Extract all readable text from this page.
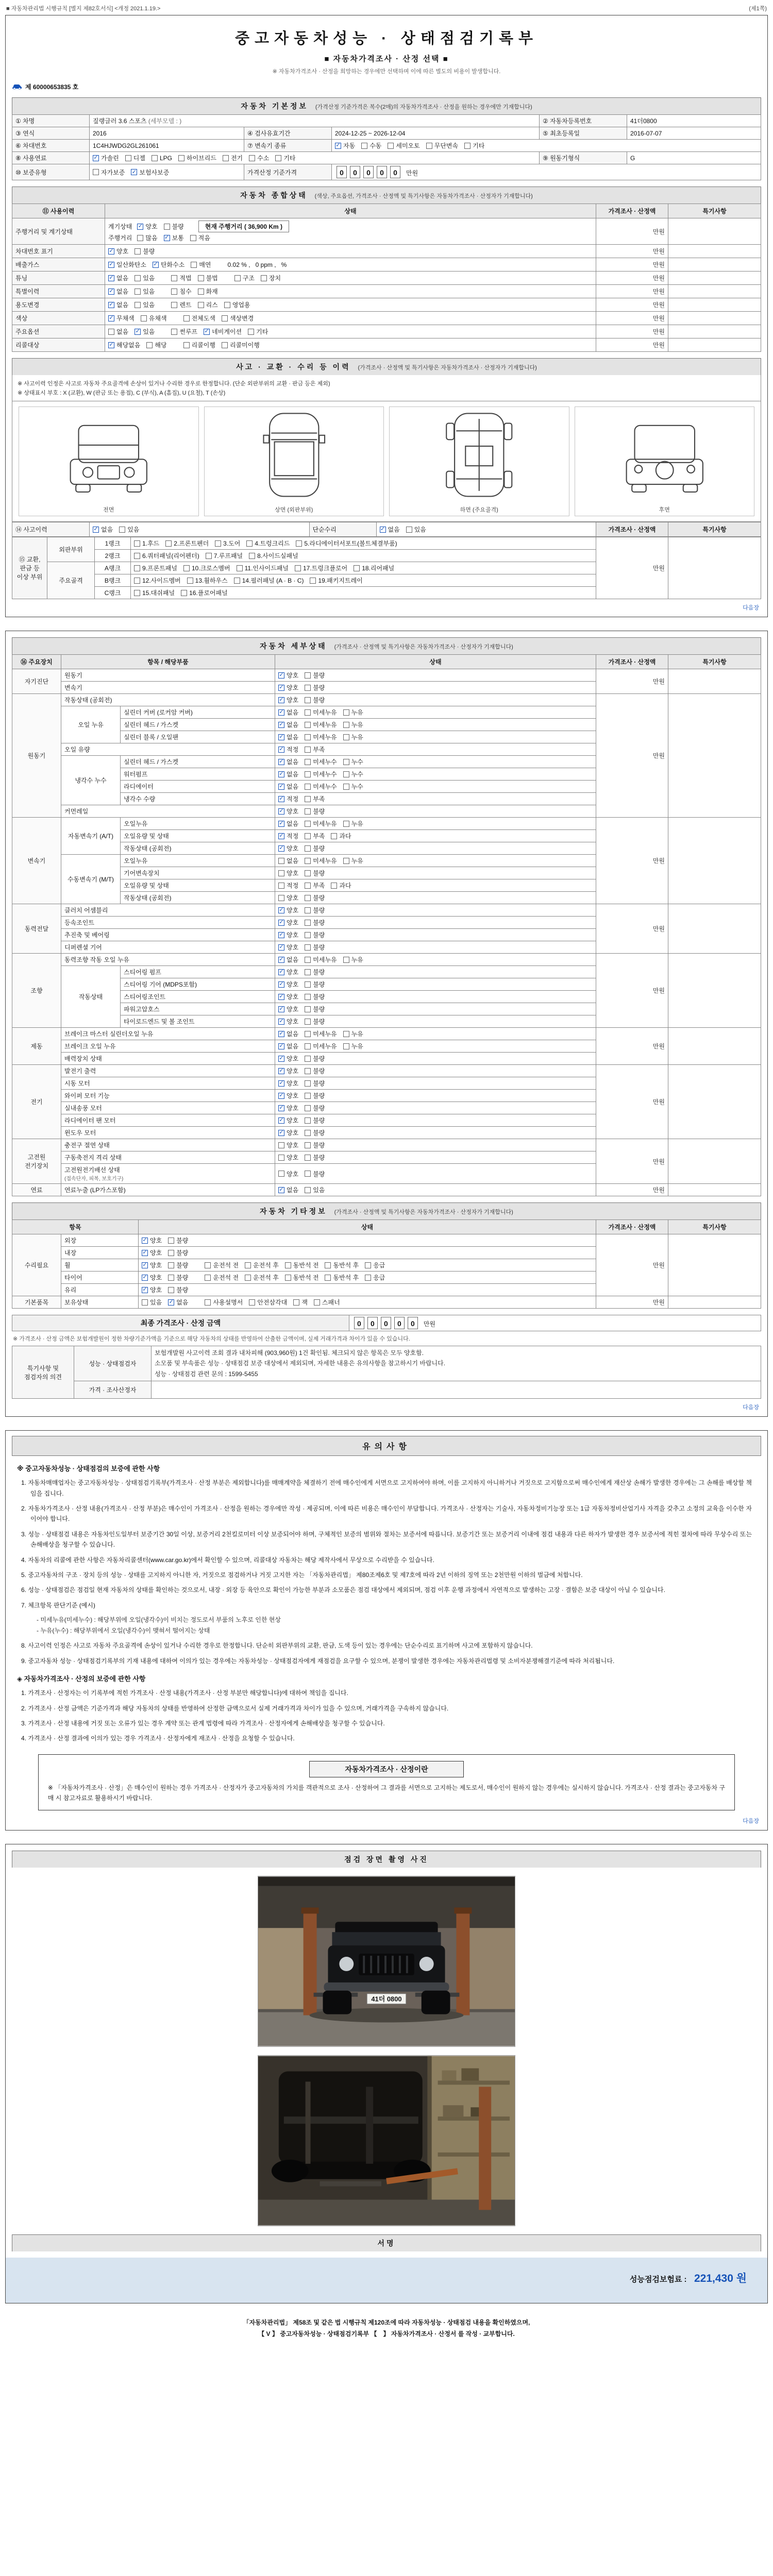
■ 자동차관리법 시행규칙 [별지 제82호서식] <개정 2021.1.19.>	(제1쪽)
중고자동차성능 · 상태점검기록부
■ 자동차가격조사 · 산정 선택 ■
※ 자동차가격조사 · 산정을 희망하는 경우에만 선택하며 이에 따른 별도의 비용이 발생합니다.
제 60000653835 호
자동차 기본정보 (가격산정 기준가격은 복수(2매)의 자동차가격조사 · 산정을 원하는 경우에만 기재합니다)
① 차명	짚랭글러 3.6 스포츠 (세부모델 : )			② 자동차등록번호	41더0800
③ 연식	2016	④ 검사유효기간	2024-12-25 ~ 2026-12-04	⑤ 최초등록일	2016-07-07
⑥ 차대번호	1C4HJWDG2GL261061	⑦ 변속기 종류	✓ 자동 수동 세미오토 무단변속 기타

⑧ 사용연료	✓ 가솔린 디젤 LPG 하이브리드 전기 수소 기타	⑨ 원동기형식	G
⑩ 보증유형	자가보증 ✓ 보험사보증	가격산정 기준가격	0 0 0 0 0 만원		
자동차 종합상태 (색상, 주요옵션, 가격조사 · 산정액 및 특기사항은 자동차가격조사 · 산정자가 기재합니다)
⑪ 사용이력	상태	가격조사 · 산정액	특기사항
주행거리 및 계기상태	
계기상태 ✓ 양호 불량	현재 주행거리 ( 36,900 Km )
주행거리 많음 ✓ 보통 적음
	만원	
차대번호 표기	✓ 양호 불량	만원	
배출가스	✓ 일산화탄소 ✓ 탄화수소 매연	0.02 % , 0 ppm , %	만원	
튜닝	✓ 없음 있음	적법 불법	구조 장치	만원	
특별이력	✓ 없음 있음	침수 화재	만원	
용도변경	✓ 없음 있음	렌트 리스 영업용	만원	
색상	✓ 무채색 유채색	전체도색 색상변경	만원	
주요옵션	없음 ✓ 있음	썬루프 ✓ 네비게이션 기타	만원	
리콜대상	✓ 해당없음 해당	리콜이행 리콜미이행	만원	
사고 · 교환 · 수리 등 이력 (가격조사 · 산정액 및 특기사항은 자동차가격조사 · 산정자가 기재합니다)
※ 사고이력 인정은 사고로 자동차 주요골격에 손상이 있거나 수리한 경우로 한정합니다. (단순 외판부위의 교환 · 판금 등은 제외)
※ 상태표시 부호 : X (교환), W (판금 또는 용접), C (부식), A (흠집), U (요철), T (손상)
전면	상면 (외판부위)	하면 (주요골격)	후면
⑭ 사고이력	✓ 없음 있음	단순수리	✓ 없음 있음	가격조사 · 산정액	특기사항
⑮ 교환, 판금 등 이상 부위	외판부위	1랭크	1.후드 2.프론트펜더 3.도어 4.트렁크리드 5.라디에이터서포트(볼트체결부품)
	만원	
2랭크	6.쿼터패널(리어펜더) 7.루프패널 8.사이드실패널

주요골격	A랭크	9.프론트패널 10.크로스멤버 11.인사이드패널 17.트렁크플로어 18.리어패널

B랭크	12.사이드멤버 13.휠하우스 14.필러패널 (A · B · C) 19.패키지트레이

		C랭크	15.대쉬패널 16.플로어패널		
다음장
자동차 세부상태 (가격조사 · 산정액 및 특기사항은 자동차가격조사 · 산정자가 기재합니다)
⑯ 주요장치	항목 / 해당부품		상태	가격조사 · 산정액	특기사항
자기진단	원동기		✓ 양호 불량	만원	
	변속기		✓ 양호 불량		

원동기	작동상태 (공회전)		✓ 양호 불량	만원	
오일 누유	실린더 커버 (로커암 커버)	✓ 없음 미세누유 누유

실린더 헤드 / 가스켓	✓ 없음 미세누유 누유

실린더 블록 / 오일팬	✓ 없음 미세누유 누유

	오일 유량		✓ 적정 부족		

냉각수 누수	실린더 헤드 / 가스켓	✓ 없음 미세누수 누수

워터펌프	✓ 없음 미세누수 누수

라디에이터	✓ 없음 미세누수 누수

		냉각수 수량	✓ 적정 부족		

	커먼레일		✓ 양호 불량		

변속기	자동변속기 (A/T)	오일누유	✓ 없음 미세누유 누유
	만원	
오일유량 및 상태	✓ 적정 부족 과다

		작동상태 (공회전)	✓ 양호 불량		

수동변속기 (M/T)	오일누유	없음 미세누유 누유

		기어변속장치	양호 불량		

오일유량 및 상태	적정 부족 과다

		작동상태 (공회전)	양호 불량		

동력전달	클러치 어셈블리		✓ 양호 불량	만원	
	등속조인트		✓ 양호 불량		

	추진축 및 베어링		✓ 양호 불량		

	디퍼렌셜 기어		✓ 양호 불량		

조향	동력조향 작동 오일 누유	✓ 없음 미세누유 누유
	만원	
	작동상태	스티어링 펌프	✓ 양호 불량		

		스티어링 기어 (MDPS포함)	✓ 양호 불량		

		스티어링조인트	✓ 양호 불량		

		파워고압호스	✓ 양호 불량		

		타이로드엔드 및 볼 조인트	✓ 양호 불량		

제동	브레이크 마스터 실린더오일 누유	✓ 없음 미세누유 누유
	만원	
브레이크 오일 누유	✓ 없음 미세누유 누유

	배력장치 상태		✓ 양호 불량		

전기	발전기 출력		✓ 양호 불량	만원	
	시동 모터		✓ 양호 불량		

	와이퍼 모터 기능		✓ 양호 불량		

	실내송풍 모터		✓ 양호 불량		

	라디에이터 팬 모터		✓ 양호 불량		

	윈도우 모터		✓ 양호 불량		

고전원 전기장치	충전구 절연 상태		양호 불량	만원	
	구동축전지 격리 상태		양호 불량		

	고전원전기배선 상태
(접속단자, 피복, 보호기구)		양호 불량		

연료	연료누출 (LP가스포함)		✓ 없음 있음	만원	
자동차 기타정보 (가격조사 · 산정액 및 특기사항은 자동차가격조사 · 산정자가 기재합니다)
항목		상태	가격조사 · 산정액	특기사항
수리필요	외장	✓ 양호 불량	만원	
	내장	✓ 양호 불량		

휠	✓ 양호 불량	운전석 전 운전석 후 동반석 전 동반석 후 응급

타이어	✓ 양호 불량	운전석 전 운전석 후 동반석 전 동반석 후 응급

	유리	✓ 양호 불량		

기본품목	보유상태	있음 ✓ 없음	사용설명서 안전삼각대 잭 스패너	만원	
최종 가격조사 · 산정 금액	0 0 0 0 0 만원
※ 가격조사 · 산정 금액은 보험개발원이 정한 차량기준가액을 기준으로 해당 자동차의 상태를 반영하여 산출한 금액이며, 실제 거래가격과 차이가 있을 수 있습니다.
특기사항 및 점검자의 의견	성능 · 상태점검자	보험개발원 사고이력 조회 결과 내차피해 (903,960원) 1건 확인됨. 체크되지 않은 항목은 모두 양호함.
소모품 및 부속품은 성능 · 상태점검 보증 대상에서 제외되며, 자세한 내용은 유의사항을 참고하시기 바랍니다.
성능 · 상태점검 관련 문의 : 1599-5455
	가격 · 조사산정자	
다음장
유의사항
※ 중고자동차성능 · 상태점검의 보증에 관한 사항
1. 자동차매매업자는 중고자동차성능 · 상태점검기록부(가격조사 · 산정 부분은 제외합니다)를 매매계약을 체결하기 전에 매수인에게 서면으로 고지하여야 하며, 이를 고지하지 아니하거나 거짓으로 고지함으로써 매수인에게 재산상 손해가 발생한 경우에는 그 손해를 배상할 책임을 집니다.
2. 자동차가격조사 · 산정 내용(가격조사 · 산정 부분)은 매수인이 가격조사 · 산정을 원하는 경우에만 작성 · 제공되며, 이에 따른 비용은 매수인이 부담합니다. 가격조사 · 산정자는 기술사, 자동차정비기능장 또는 1급 자동차정비산업기사 자격을 갖추고 소정의 교육을 이수한 자이어야 합니다.
3. 성능 · 상태점검 내용은 자동차인도일부터 보증기간 30일 이상, 보증거리 2천킬로미터 이상 보증되어야 하며, 구체적인 보증의 범위와 절차는 보증서에 따릅니다. 보증기간 또는 보증거리 이내에 점검 내용과 다른 하자가 발생한 경우 보증서에 적힌 절차에 따라 무상수리 또는 손해배상을 청구할 수 있습니다.
4. 자동차의 리콜에 관한 사항은 자동차리콜센터(www.car.go.kr)에서 확인할 수 있으며, 리콜대상 자동차는 해당 제작사에서 무상으로 수리받을 수 있습니다.
5. 중고자동차의 구조 · 장치 등의 성능 · 상태를 고지하지 아니한 자, 거짓으로 점검하거나 거짓 고지한 자는 「자동차관리법」 제80조제6호 및 제7호에 따라 2년 이하의 징역 또는 2천만원 이하의 벌금에 처합니다.
6. 성능 · 상태점검은 점검일 현재 자동차의 상태를 확인하는 것으로서, 내장 · 외장 등 육안으로 확인이 가능한 부분과 소모품은 점검 대상에서 제외되며, 점검 이후 운행 과정에서 자연적으로 발생하는 고장 · 결함은 보증 대상이 아닐 수 있습니다.
7. 체크항목 판단기준 (예시)
- 미세누유(미세누수) : 해당부위에 오일(냉각수)이 비치는 정도로서 부품의 노후로 인한 현상
- 누유(누수) : 해당부위에서 오일(냉각수)이 맺혀서 떨어지는 상태
8. 사고이력 인정은 사고로 자동차 주요골격에 손상이 있거나 수리한 경우로 한정합니다. 단순히 외판부위의 교환, 판금, 도색 등이 있는 경우에는 단순수리로 표기하며 사고에 포함하지 않습니다.
9. 중고자동차 성능 · 상태점검기록부의 기재 내용에 대하여 이의가 있는 경우에는 자동차성능 · 상태점검자에게 재점검을 요구할 수 있으며, 분쟁이 발생한 경우에는 자동차관리법령 및 소비자분쟁해결기준에 따라 처리됩니다.
◈ 자동차가격조사 · 산정의 보증에 관한 사항
1. 가격조사 · 산정자는 이 기록부에 적힌 가격조사 · 산정 내용(가격조사 · 산정 부분만 해당합니다)에 대하여 책임을 집니다.
2. 가격조사 · 산정 금액은 기준가격과 해당 자동차의 상태를 반영하여 산정한 금액으로서 실제 거래가격과 차이가 있을 수 있으며, 거래가격을 구속하지 않습니다.
3. 가격조사 · 산정 내용에 거짓 또는 오류가 있는 경우 계약 또는 관계 법령에 따라 가격조사 · 산정자에게 손해배상을 청구할 수 있습니다.
4. 가격조사 · 산정 결과에 이의가 있는 경우 가격조사 · 산정자에게 재조사 · 산정을 요청할 수 있습니다.
자동차가격조사 · 산정이란
※ 「자동차가격조사 · 산정」은 매수인이 원하는 경우 가격조사 · 산정자가 중고자동차의 가치를 객관적으로 조사 · 산정하여 그 결과를 서면으로 고지하는 제도로서, 매수인이 원하지 않는 경우에는 실시하지 않습니다. 가격조사 · 산정 결과는 중고자동차 구매 시 참고자료로 활용하시기 바랍니다.
다음장
점검 장면 촬영 사진
41더 0800
서명
성능점검보험료 : 221,430 원
「자동차관리법」 제58조 및 같은 법 시행규칙 제120조에 따라 자동차성능 · 상태점검 내용을 확인하였으며,
【 V 】 중고자동차성능 · 상태점검기록부 【　】 자동차가격조사 · 산정서 를 작성 · 교부합니다.
